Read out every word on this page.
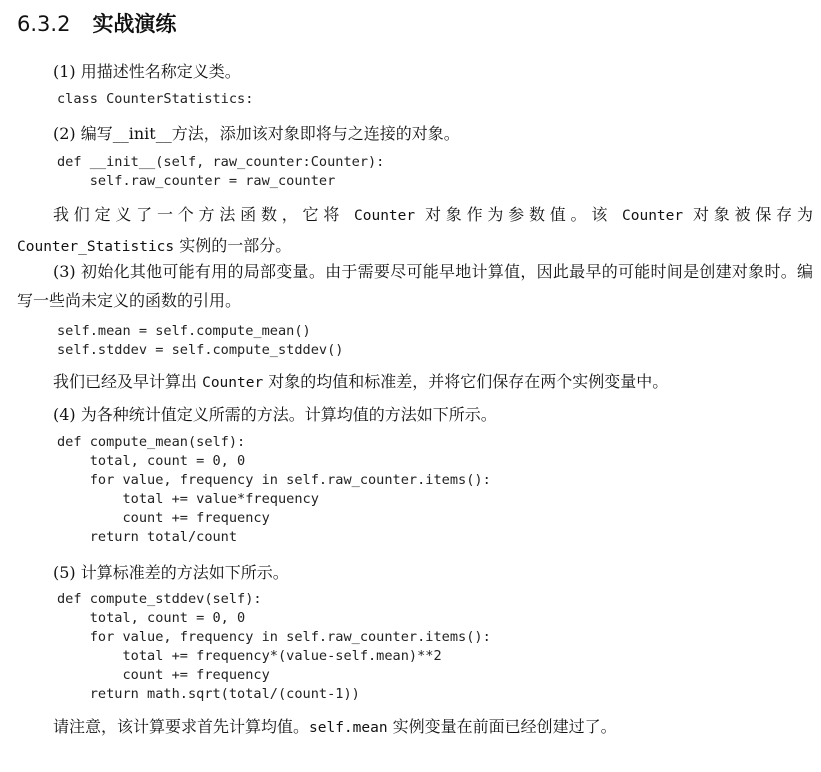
6.3.2 实战演练
(1) 用描述性名称定义类。
class CounterStatistics:
(2) 编写__init__方法，添加该对象即将与之连接的对象。
def __init__(self, raw_counter:Counter):
self.raw_counter = raw_counter
我们定义了一个方法函数，它将 Counter 对象作为参数值。该 Counter 对象被保存为 Counter_Statistics 实例的一部分。
(3) 初始化其他可能有用的局部变量。由于需要尽可能早地计算值，因此最早的可能时间是创建对象时。编写一些尚未定义的函数的引用。
self.mean = self.compute_mean()
self.stddev = self.compute_stddev()
我们已经及早计算出 Counter 对象的均值和标准差，并将它们保存在两个实例变量中。
(4) 为各种统计值定义所需的方法。计算均值的方法如下所示。
def compute_mean(self):
total, count = 0, 0
for value, frequency in self.raw_counter.items():
total += value*frequency
count += frequency
return total/count
(5) 计算标准差的方法如下所示。
def compute_stddev(self):
total, count = 0, 0
for value, frequency in self.raw_counter.items():
total += frequency*(value-self.mean)**2
count += frequency
return math.sqrt(total/(count-1))
请注意，该计算要求首先计算均值。self.mean 实例变量在前面已经创建过了。
